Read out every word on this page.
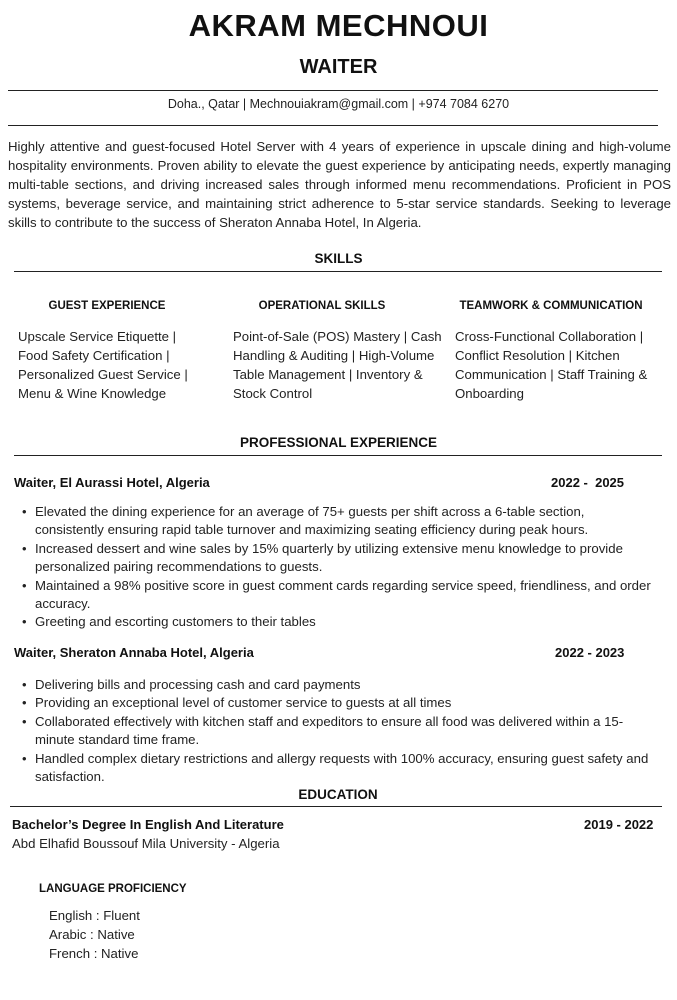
AKRAM MECHNOUI
WAITER
Doha., Qatar | Mechnouiakram@gmail.com | +974 7084 6270
Highly attentive and guest-focused Hotel Server with 4 years of experience in upscale dining and high-volume hospitality environments. Proven ability to elevate the guest experience by anticipating needs, expertly managing multi-table sections, and driving increased sales through informed menu recommendations. Proficient in POS systems, beverage service, and maintaining strict adherence to 5-star service standards. Seeking to leverage skills to contribute to the success of Sheraton Annaba Hotel, In Algeria.
SKILLS
GUEST EXPERIENCE
Upscale Service Etiquette | Food Safety Certification | Personalized Guest Service | Menu & Wine Knowledge
OPERATIONAL SKILLS
Point-of-Sale (POS) Mastery | Cash Handling & Auditing | High-Volume Table Management | Inventory & Stock Control
TEAMWORK & COMMUNICATION
Cross-Functional Collaboration | Conflict Resolution | Kitchen Communication | Staff Training & Onboarding
PROFESSIONAL EXPERIENCE
Waiter, El Aurassi Hotel, Algeria	2022 -  2025
• Elevated the dining experience for an average of 75+ guests per shift across a 6-table section, consistently ensuring rapid table turnover and maximizing seating efficiency during peak hours.
• Increased dessert and wine sales by 15% quarterly by utilizing extensive menu knowledge to provide personalized pairing recommendations to guests.
• Maintained a 98% positive score in guest comment cards regarding service speed, friendliness, and order accuracy.
• Greeting and escorting customers to their tables
Waiter, Sheraton Annaba Hotel, Algeria	2022 - 2023
• Delivering bills and processing cash and card payments
• Providing an exceptional level of customer service to guests at all times
• Collaborated effectively with kitchen staff and expeditors to ensure all food was delivered within a 15-minute standard time frame.
• Handled complex dietary restrictions and allergy requests with 100% accuracy, ensuring guest safety and satisfaction.
EDUCATION
Bachelor’s Degree In English And Literature	2019 - 2022
Abd Elhafid Boussouf Mila University - Algeria
LANGUAGE PROFICIENCY
English : Fluent
Arabic : Native
French : Native
